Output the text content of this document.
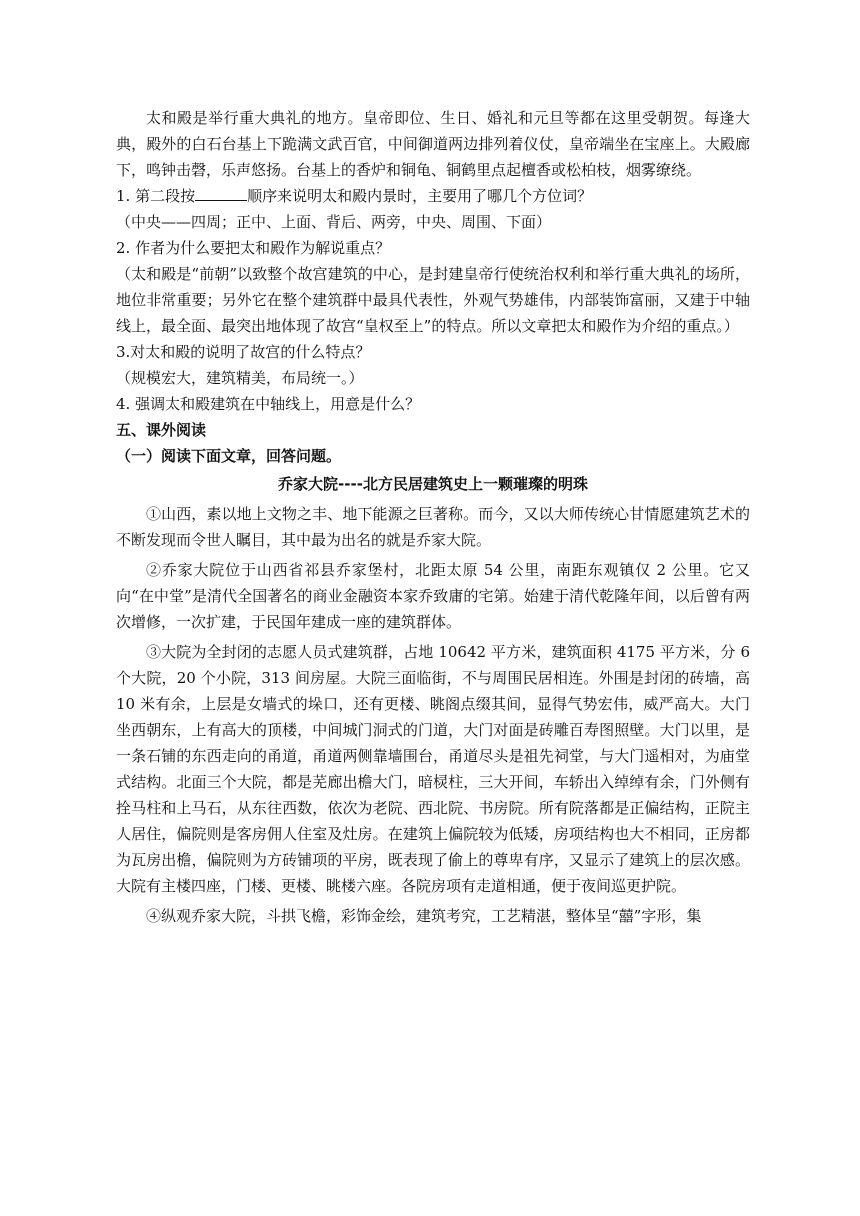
太和殿是举行重大典礼的地方。皇帝即位、生日、婚礼和元旦等都在这里受朝贺。每逢大典，殿外的白石台基上下跪满文武百官，中间御道两边排列着仪仗，皇帝端坐在宝座上。大殿廊下，鸣钟击磬，乐声悠扬。台基上的香炉和铜龟、铜鹤里点起檀香或松柏枝，烟雾缭绕。

1. 第二段按	顺序来说明太和殿内景时，主要用了哪几个方位词？

（中央——四周；正中、上面、背后、两旁，中央、周围、下面）

2. 作者为什么要把太和殿作为解说重点？

（太和殿是“前朝”以致整个故宫建筑的中心，是封建皇帝行使统治权利和举行重大典礼的场所，地位非常重要；另外它在整个建筑群中最具代表性，外观气势雄伟，内部装饰富丽，又建于中轴线上，最全面、最突出地体现了故宫“皇权至上”的特点。所以文章把太和殿作为介绍的重点。）

3.对太和殿的说明了故宫的什么特点？

（规模宏大，建筑精美，布局统一。）

4. 强调太和殿建筑在中轴线上，用意是什么？

五、课外阅读

（一）阅读下面文章，回答问题。

乔家大院----北方民居建筑史上一颗璀璨的明珠

①山西，素以地上文物之丰、地下能源之巨著称。而今，又以大师传统心甘情愿建筑艺术的不断发现而令世人瞩目，其中最为出名的就是乔家大院。

②乔家大院位于山西省祁县乔家堡村，北距太原 54 公里，南距东观镇仅 2 公里。它又向“在中堂”是清代全国著名的商业金融资本家乔致庸的宅第。始建于清代乾隆年间，以后曾有两次增修，一次扩建，于民国年建成一座的建筑群体。

③大院为全封闭的志愿人员式建筑群，占地 10642 平方米，建筑面积 4175 平方米，分 6 个大院，20 个小院，313 间房屋。大院三面临街，不与周围民居相连。外围是封闭的砖墙，高 10 米有余，上层是女墙式的垛口，还有更楼、眺阁点缀其间，显得气势宏伟，威严高大。大门坐西朝东，上有高大的顶楼，中间城门洞式的门道，大门对面是砖雕百寿图照壁。大门以里，是一条石铺的东西走向的甬道，甬道两侧靠墙围台，甬道尽头是祖先祠堂，与大门遥相对，为庙堂式结构。北面三个大院，都是芜廊出檐大门，暗棂柱，三大开间，车轿出入绰绰有余，门外侧有拴马柱和上马石，从东往西数，依次为老院、西北院、书房院。所有院落都是正偏结构，正院主人居住，偏院则是客房佣人住室及灶房。在建筑上偏院较为低矮，房项结构也大不相同，正房都为瓦房出檐，偏院则为方砖铺项的平房，既表现了偷上的尊卑有序，又显示了建筑上的层次感。大院有主楼四座，门楼、更楼、眺楼六座。各院房项有走道相通，便于夜间巡更护院。

④纵观乔家大院，斗拱飞檐，彩饰金绘，建筑考究，工艺精湛，整体呈“囍”字形，集
